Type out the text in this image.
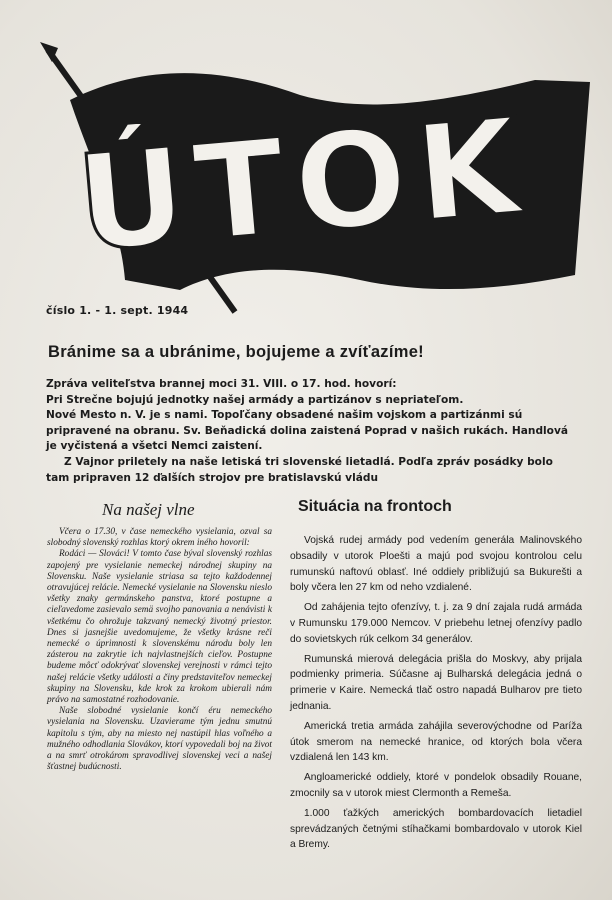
ÚTOK
číslo 1. - 1. sept. 1944
Bránime sa a ubránime, bojujeme a zvíťazíme!

Zpráva veliteľstva brannej moci 31. VIII. o 17. hod. hovorí:

Pri Strečne bojujú jednotky našej armády a partizánov s nepriateľom.

Nové Mesto n. V. je s nami. Topoľčany obsadené našim vojskom a partizánmi sú pripravené na obranu. Sv. Beňadická dolina zaistená Poprad v našich rukách. Handlová je vyčistená a všetci Nemci zaistení.

Z Vajnor priletely na naše letiská tri slovenské lietadlá. Podľa zpráv posádky bolo tam pripraven 12 ďalších strojov pre bratislavskú vládu

Na našej vlne	Situácia na frontoch

Včera o 17.30, v čase nemeckého vysielania, ozval sa slobodný slovenský rozhlas ktorý okrem iného hovoril:

Rodáci — Slováci! V tomto čase býval slovenský rozhlas zapojený pre vysielanie nemeckej národnej skupiny na Slovensku. Naše vysielanie striasa sa tejto každodennej otravujúcej relácie. Nemecké vysielanie na Slovensku nieslo všetky znaky germánskeho panstva, ktoré postupne a cieľavedome zasievalo semä svojho panovania a nenávisti k všetkému čo ohrožuje takzvaný nemecký životný priestor. Dnes si jasnejšie uvedomujeme, že všetky krásne reči nemecké o úprimnosti k slovenskému národu boly len zásterou na zakrytie ich najvlastnejších cieľov. Postupne budeme môcť odokrývať slovenskej verejnosti v rámci tejto našej relácie všetky události a činy predstaviteľov nemeckej skupiny na Slovensku, kde krok za krokom ubierali nám právo na samostatné rozhodovanie.

Naše slobodné vysielanie končí éru nemeckého vysielania na Slovensku. Uzavierame tým jednu smutnú kapitolu s tým, aby na miesto nej nastúpil hlas voľného a mužného odhodlania Slovákov, ktorí vypovedali boj na život a na smrť otrokárom spravodlivej slovenskej veci a našej šťastnej budúcnosti.

Vojská rudej armády pod vedením generála Malinovského obsadily v utorok Ploešti a majú pod svojou kontrolou celu rumunskú naftovú oblasť. Iné oddiely približujú sa Bukurešti a boly včera len 27 km od neho vzdialené.

Od zahájenia tejto ofenzívy, t. j. za 9 dní zajala rudá armáda v Rumunsku 179.000 Nemcov. V priebehu letnej ofenzívy padlo do sovietskych rúk celkom 34 generálov.

Rumunská mierová delegácia prišla do Moskvy, aby prijala podmienky primeria. Súčasne aj Bulharská delegácia jedná o primerie v Kaire. Nemecká tlač ostro napadá Bulharov pre tieto jednania.

Americká tretia armáda zahájila severovýchodne od Paríža útok smerom na nemecké hranice, od ktorých bola včera vzdialená len 143 km.

Angloamerické oddiely, ktoré v pondelok obsadily Rouane, zmocnily sa v utorok miest Clermonth a Remeša.

1.000 ťažkých amerických bombardovacích lietadiel sprevádzaných četnými stíhačkami bombardovalo v utorok Kiel a Bremy.
